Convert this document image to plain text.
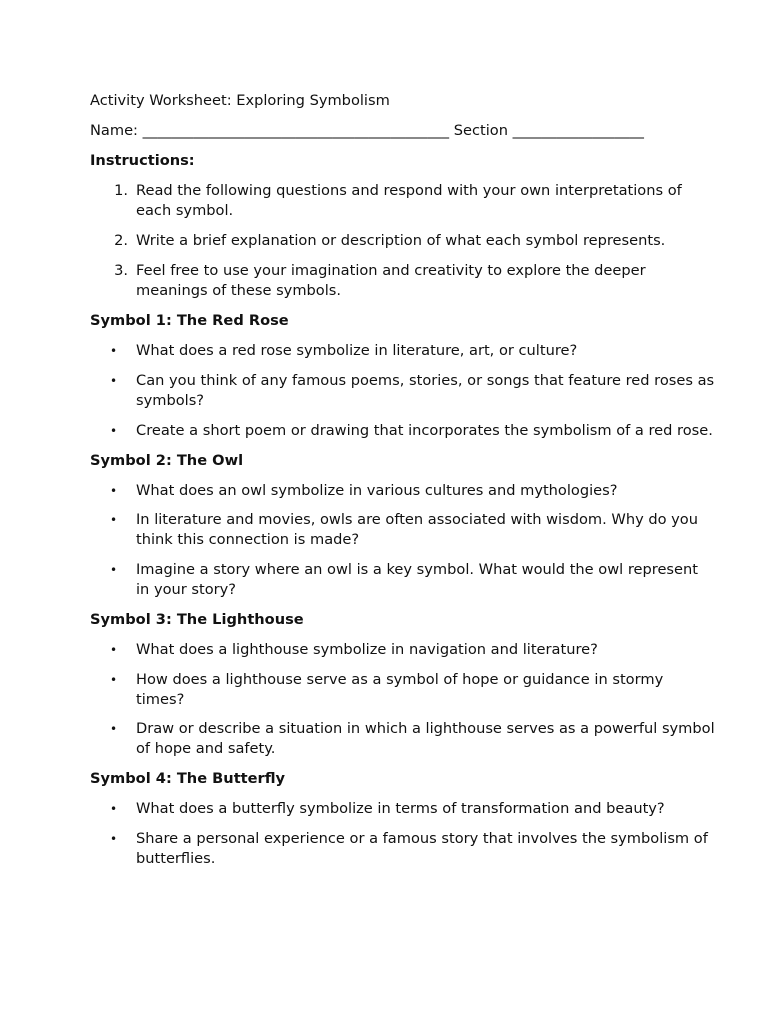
Activity Worksheet: Exploring Symbolism
Name: __________________________________________ Section __________________
Instructions:
1. Read the following questions and respond with your own interpretations of each symbol.
2. Write a brief explanation or description of what each symbol represents.
3. Feel free to use your imagination and creativity to explore the deeper meanings of these symbols.
Symbol 1: The Red Rose
• What does a red rose symbolize in literature, art, or culture?
• Can you think of any famous poems, stories, or songs that feature red roses as symbols?
• Create a short poem or drawing that incorporates the symbolism of a red rose.
Symbol 2: The Owl
• What does an owl symbolize in various cultures and mythologies?
• In literature and movies, owls are often associated with wisdom. Why do you think this connection is made?
• Imagine a story where an owl is a key symbol. What would the owl represent in your story?
Symbol 3: The Lighthouse
• What does a lighthouse symbolize in navigation and literature?
• How does a lighthouse serve as a symbol of hope or guidance in stormy times?
• Draw or describe a situation in which a lighthouse serves as a powerful symbol of hope and safety.
Symbol 4: The Butterfly
• What does a butterfly symbolize in terms of transformation and beauty?
• Share a personal experience or a famous story that involves the symbolism of butterflies.
